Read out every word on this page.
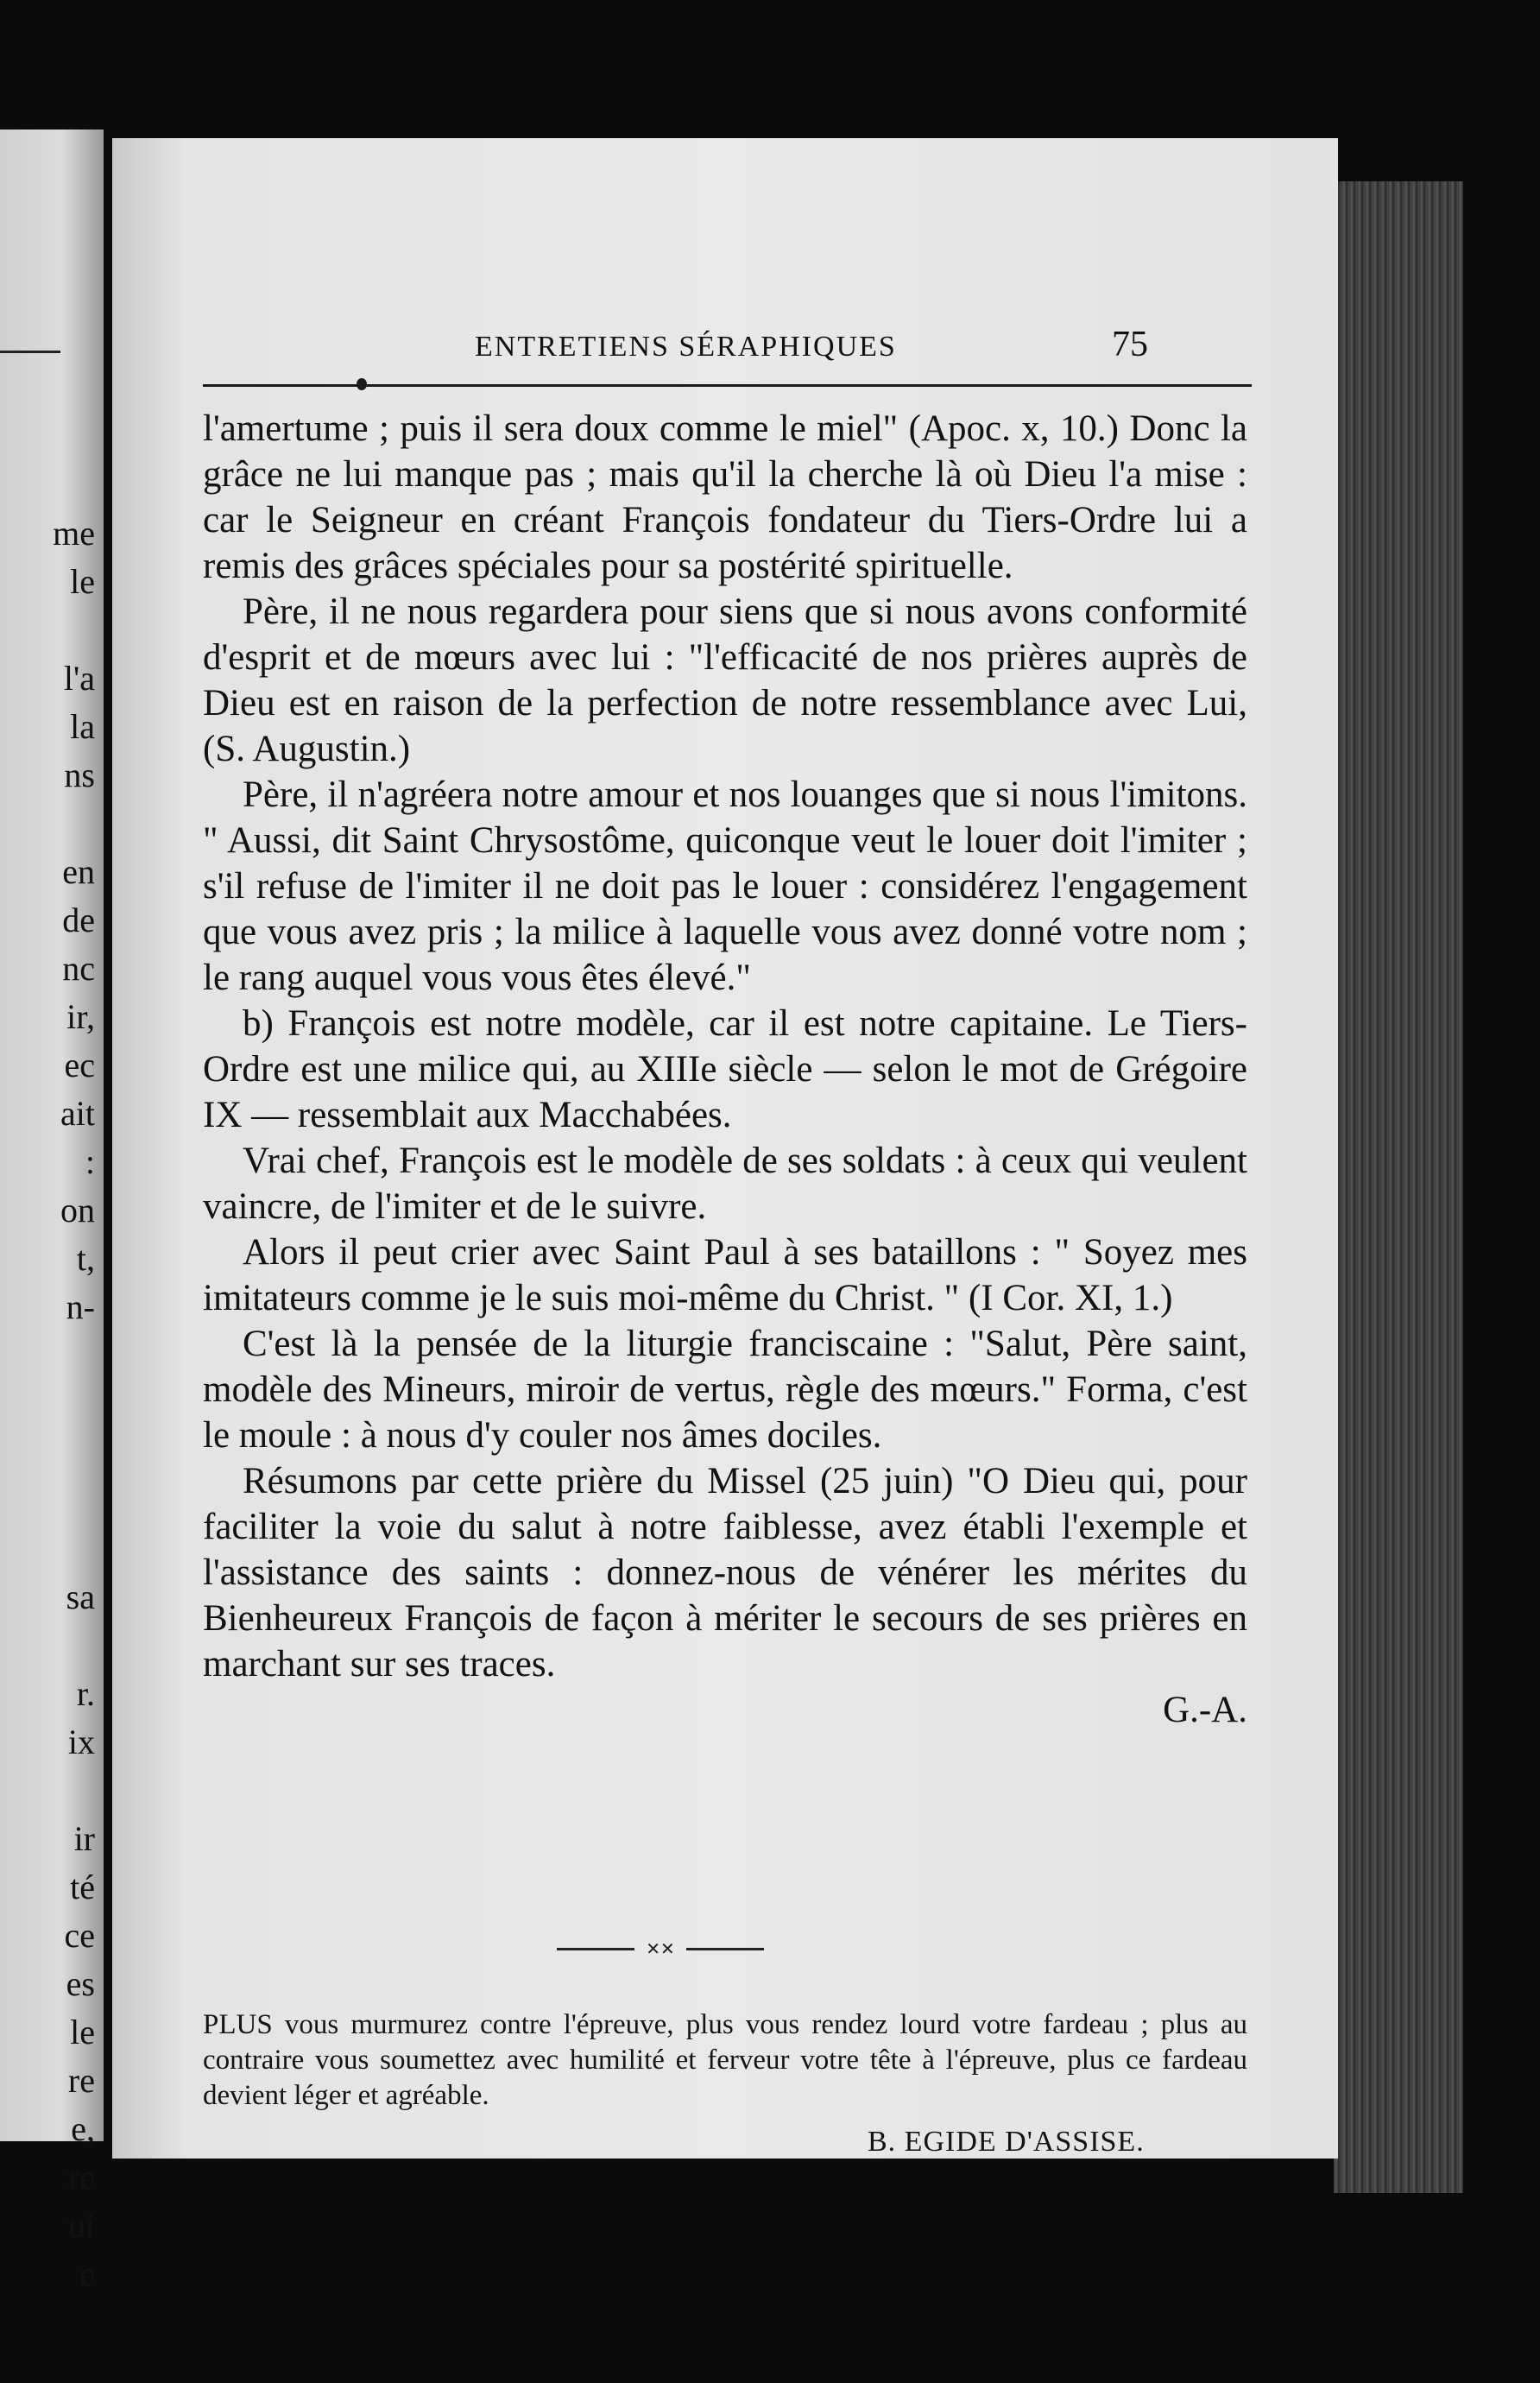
me
le
l'a
la
ns
en
de
nc
ir,
ec
ait
:
on
t,
n-
sa
r.
ix
ir
té
ce
es
le
re
e,
re
ui
e
ENTRETIENS SÉRAPHIQUES	75

l'amertume ; puis il sera doux comme le miel" (Apoc. x, 10.) Donc la grâce ne lui manque pas ; mais qu'il la cherche là où Dieu l'a mise : car le Seigneur en créant François fondateur du Tiers-Ordre lui a remis des grâces spéciales pour sa postérité spirituelle.

Père, il ne nous regardera pour siens que si nous avons conformité d'esprit et de mœurs avec lui : "l'efficacité de nos prières auprès de Dieu est en raison de la perfection de notre ressemblance avec Lui, (S. Augustin.)

Père, il n'agréera notre amour et nos louanges que si nous l'imitons. " Aussi, dit Saint Chrysostôme, quiconque veut le louer doit l'imiter ; s'il refuse de l'imiter il ne doit pas le louer : considérez l'engagement que vous avez pris ; la milice à laquelle vous avez donné votre nom ; le rang auquel vous vous êtes élevé."

b) François est notre modèle, car il est notre capitaine. Le Tiers-Ordre est une milice qui, au XIIIe siècle — selon le mot de Grégoire IX — ressemblait aux Macchabées.

Vrai chef, François est le modèle de ses soldats : à ceux qui veulent vaincre, de l'imiter et de le suivre.

Alors il peut crier avec Saint Paul à ses bataillons : " Soyez mes imitateurs comme je le suis moi-même du Christ. " (I Cor. XI, 1.)

C'est là la pensée de la liturgie franciscaine : "Salut, Père saint, modèle des Mineurs, miroir de vertus, règle des mœurs." Forma, c'est le moule : à nous d'y couler nos âmes dociles.

Résumons par cette prière du Missel (25 juin) "O Dieu qui, pour faciliter la voie du salut à notre faiblesse, avez établi l'exemple et l'assistance des saints : donnez-nous de vénérer les mérites du Bienheureux François de façon à mériter le secours de ses prières en marchant sur ses traces.

G.-A.

✕✕

PLUS vous murmurez contre l'épreuve, plus vous rendez lourd votre fardeau ; plus au contraire vous soumettez avec humilité et ferveur votre tête à l'épreuve, plus ce fardeau devient léger et agréable.

B. EGIDE D'ASSISE.
